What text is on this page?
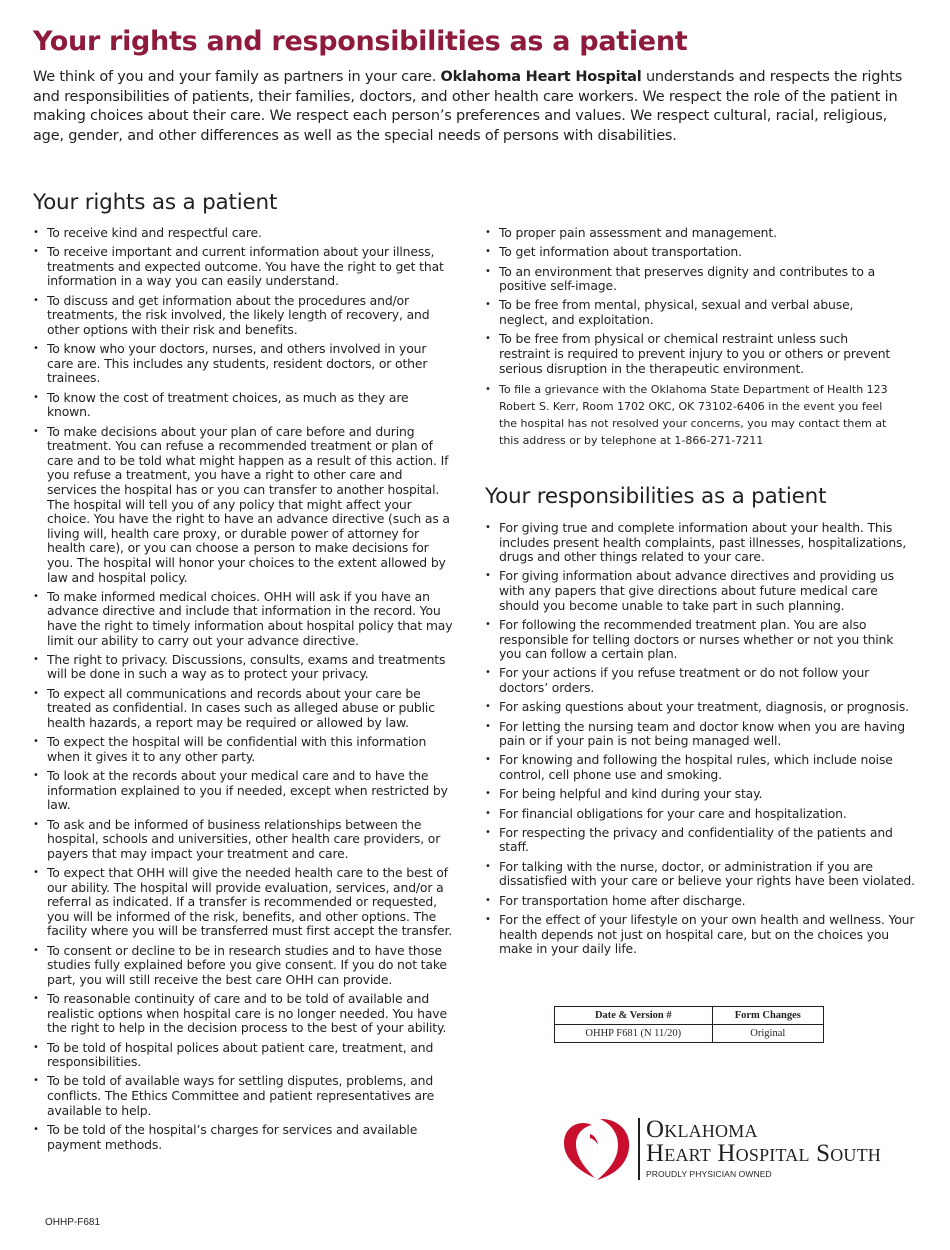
Your rights and responsibilities as a patient

We think of you and your family as partners in your care. Oklahoma Heart Hospital understands and respects the rights and responsibilities of patients, their families, doctors, and other health care workers. We respect the role of the patient in making choices about their care. We respect each person’s preferences and values. We respect cultural, racial, religious, age, gender, and other differences as well as the special needs of persons with disabilities.

Your rights as a patient
• To receive kind and respectful care.
• To receive important and current information about your illness, treatments and expected outcome. You have the right to get that information in a way you can easily understand.
• To discuss and get information about the procedures and/or treatments, the risk involved, the likely length of recovery, and other options with their risk and benefits.
• To know who your doctors, nurses, and others involved in your care are. This includes any students, resident doctors, or other trainees.
• To know the cost of treatment choices, as much as they are known.
• To make decisions about your plan of care before and during treatment. You can refuse a recommended treatment or plan of care and to be told what might happen as a result of this action. If you refuse a treatment, you have a right to other care and services the hospital has or you can transfer to another hospital. The hospital will tell you of any policy that might affect your choice. You have the right to have an advance directive (such as a living will, health care proxy, or durable power of attorney for health care), or you can choose a person to make decisions for you. The hospital will honor your choices to the extent allowed by law and hospital policy.
• To make informed medical choices. OHH will ask if you have an advance directive and include that information in the record. You have the right to timely information about hospital policy that may limit our ability to carry out your advance directive.
• The right to privacy. Discussions, consults, exams and treatments will be done in such a way as to protect your privacy.
• To expect all communications and records about your care be treated as confidential. In cases such as alleged abuse or public health hazards, a report may be required or allowed by law.
• To expect the hospital will be confidential with this information when it gives it to any other party.
• To look at the records about your medical care and to have the information explained to you if needed, except when restricted by law.
• To ask and be informed of business relationships between the hospital, schools and universities, other health care providers, or payers that may impact your treatment and care.
• To expect that OHH will give the needed health care to the best of our ability. The hospital will provide evaluation, services, and/or a referral as indicated. If a transfer is recommended or requested, you will be informed of the risk, benefits, and other options. The facility where you will be transferred must first accept the transfer.
• To consent or decline to be in research studies and to have those studies fully explained before you give consent. If you do not take part, you will still receive the best care OHH can provide.
• To reasonable continuity of care and to be told of available and realistic options when hospital care is no longer needed. You have the right to help in the decision process to the best of your ability.
• To be told of hospital polices about patient care, treatment, and responsibilities.
• To be told of available ways for settling disputes, problems, and conflicts. The Ethics Committee and patient representatives are available to help.
• To be told of the hospital’s charges for services and available payment methods.
• To proper pain assessment and management.
• To get information about transportation.
• To an environment that preserves dignity and contributes to a positive self-image.
• To be free from mental, physical, sexual and verbal abuse, neglect, and exploitation.
• To be free from physical or chemical restraint unless such restraint is required to prevent injury to you or others or prevent serious disruption in the therapeutic environment.
• To file a grievance with the Oklahoma State Department of Health 123 Robert S. Kerr, Room 1702 OKC, OK 73102-6406 in the event you feel the hospital has not resolved your concerns, you may contact them at this address or by telephone at 1-866-271-7211
Your responsibilities as a patient
• For giving true and complete information about your health. This includes present health complaints, past illnesses, hospitalizations, drugs and other things related to your care.
• For giving information about advance directives and providing us with any papers that give directions about future medical care should you become unable to take part in such planning.
• For following the recommended treatment plan. You are also responsible for telling doctors or nurses whether or not you think you can follow a certain plan.
• For your actions if you refuse treatment or do not follow your doctors’ orders.
• For asking questions about your treatment, diagnosis, or prognosis.
• For letting the nursing team and doctor know when you are having pain or if your pain is not being managed well.
• For knowing and following the hospital rules, which include noise control, cell phone use and smoking.
• For being helpful and kind during your stay.
• For financial obligations for your care and hospitalization.
• For respecting the privacy and confidentiality of the patients and staff.
• For talking with the nurse, doctor, or administration if you are dissatisfied with your care or believe your rights have been violated.
• For transportation home after discharge.
• For the effect of your lifestyle on your own health and wellness. Your health depends not just on hospital care, but on the choices you make in your daily life.
Date & Version #	Form Changes
OHHP F681 (N 11/20)	Original
Oklahoma
Heart Hospital South
PROUDLY PHYSICIAN OWNED
OHHP-F681
